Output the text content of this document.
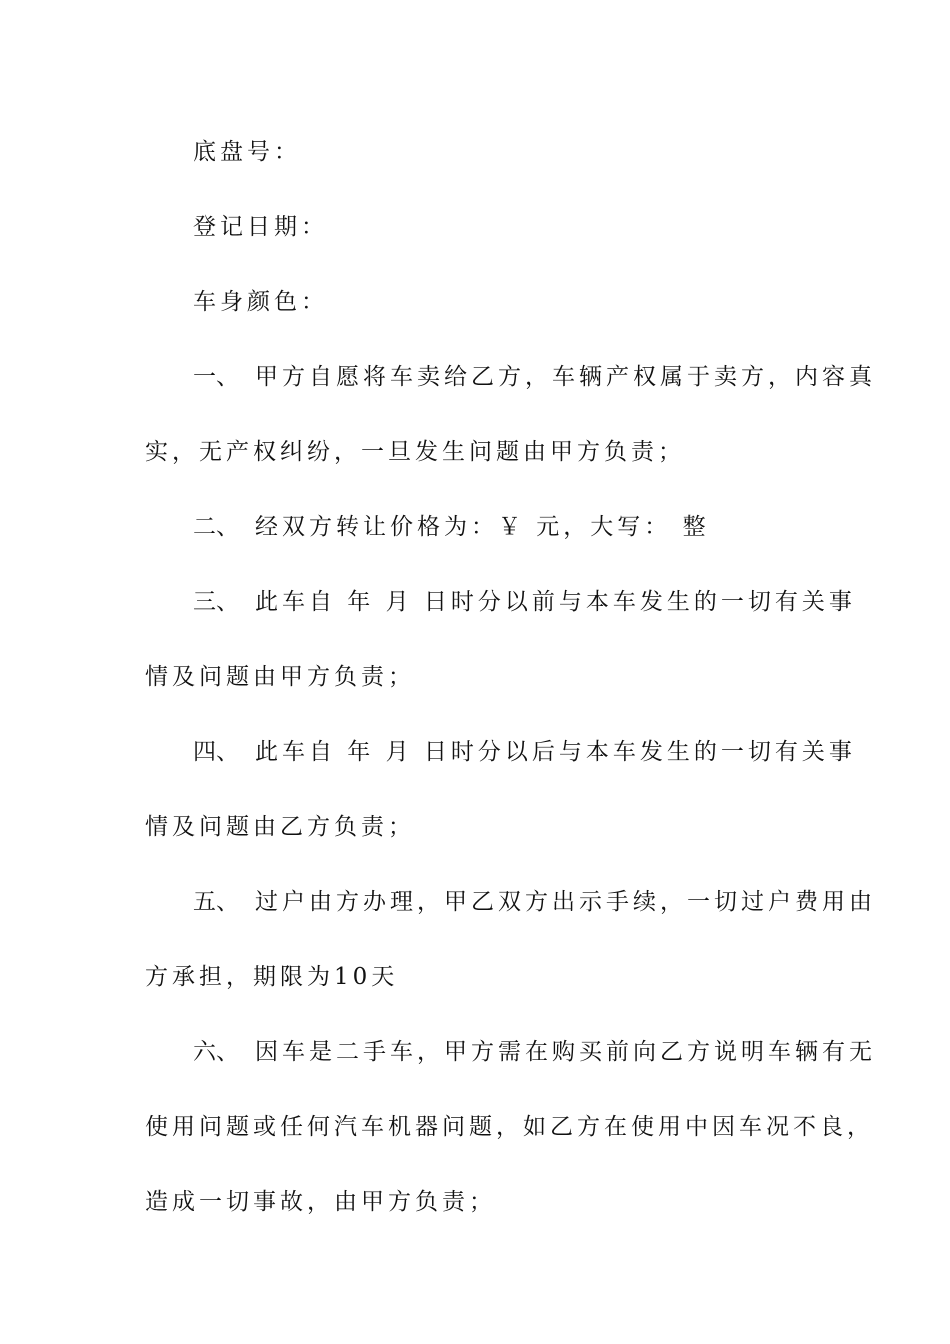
底盘号：
登记日期：
车身颜色：
一、 甲方自愿将车卖给乙方，车辆产权属于卖方，内容真
实，无产权纠纷，一旦发生问题由甲方负责；
二、 经双方转让价格为：￥ 元，大写： 整
三、 此车自 年 月 日时分以前与本车发生的一切有关事
情及问题由甲方负责；
四、 此车自 年 月 日时分以后与本车发生的一切有关事
情及问题由乙方负责；
五、 过户由方办理，甲乙双方出示手续，一切过户费用由
方承担，期限为10天
六、 因车是二手车，甲方需在购买前向乙方说明车辆有无
使用问题或任何汽车机器问题，如乙方在使用中因车况不良，
造成一切事故，由甲方负责；
